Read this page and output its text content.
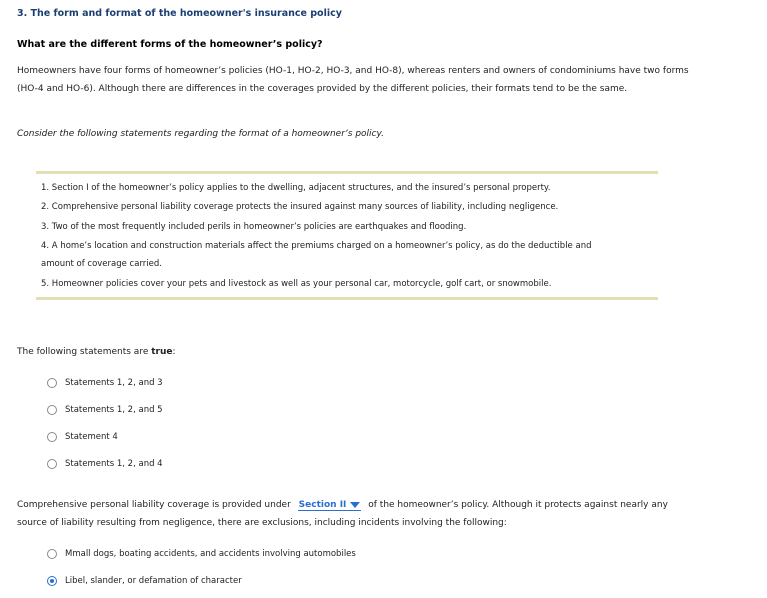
3. The form and format of the homeowner's insurance policy
What are the different forms of the homeowner’s policy?
Homeowners have four forms of homeowner’s policies (HO-1, HO-2, HO-3, and HO-8), whereas renters and owners of condominiums have two forms
(HO-4 and HO-6). Although there are differences in the coverages provided by the different policies, their formats tend to be the same.
Consider the following statements regarding the format of a homeowner’s policy.
1. Section I of the homeowner’s policy applies to the dwelling, adjacent structures, and the insured’s personal property.
2. Comprehensive personal liability coverage protects the insured against many sources of liability, including negligence.
3. Two of the most frequently included perils in homeowner’s policies are earthquakes and flooding.
4. A home’s location and construction materials affect the premiums charged on a homeowner’s policy, as do the deductible and
amount of coverage carried.
5. Homeowner policies cover your pets and livestock as well as your personal car, motorcycle, golf cart, or snowmobile.
The following statements are true:
Statements 1, 2, and 3
Statements 1, 2, and 5
Statement 4
Statements 1, 2, and 4
Comprehensive personal liability coverage is provided under Section II of the homeowner’s policy. Although it protects against nearly any
source of liability resulting from negligence, there are exclusions, including incidents involving the following:
Mmall dogs, boating accidents, and accidents involving automobiles
Libel, slander, or defamation of character
